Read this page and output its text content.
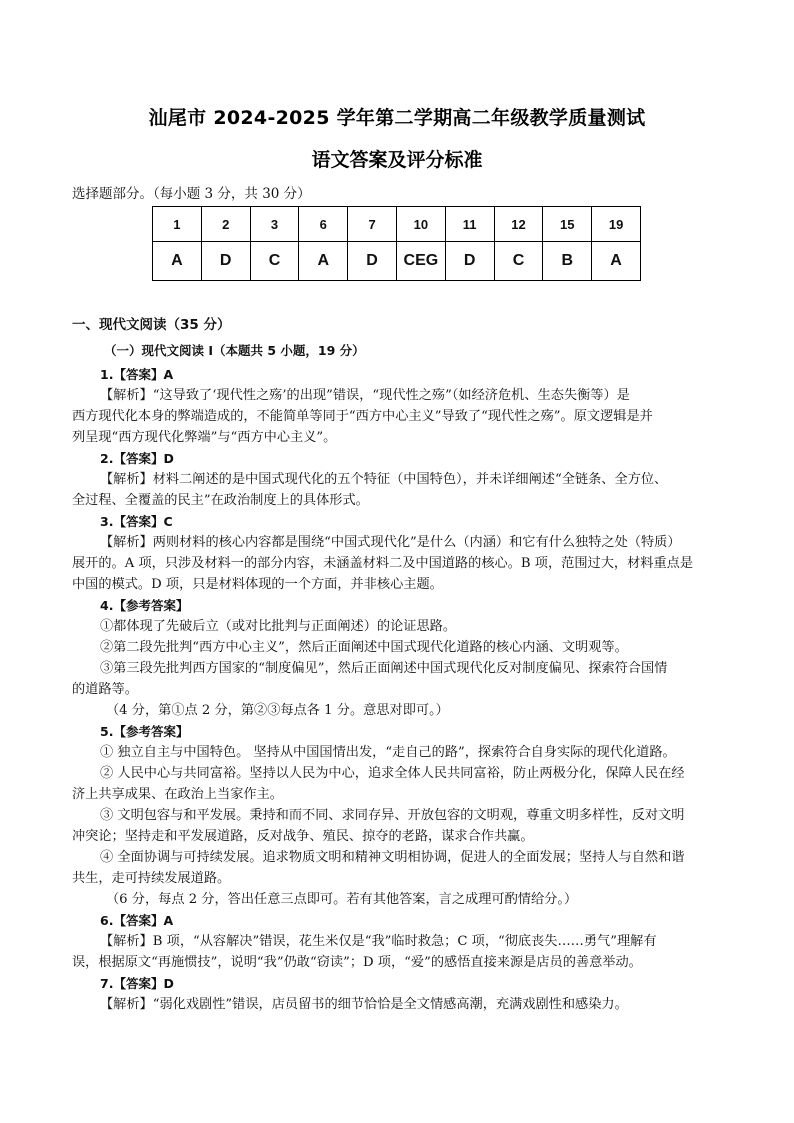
汕尾市 2024-2025 学年第二学期高二年级教学质量测试
语文答案及评分标准
选择题部分。（每小题 3 分，共 30 分）
1	2	3	6	7	10	11	12	15	19
A	D	C	A	D	CEG	D	C	B	A
一、现代文阅读（35 分）
（一）现代文阅读 I（本题共 5 小题，19 分）
1.【答案】A
【解析】“这导致了‘现代性之殇’的出现”错误，“现代性之殇”（如经济危机、生态失衡等）是
西方现代化本身的弊端造成的，不能简单等同于“西方中心主义”导致了“现代性之殇”。原文逻辑是并
列呈现“西方现代化弊端”与“西方中心主义”。
2.【答案】D
【解析】材料二阐述的是中国式现代化的五个特征（中国特色），并未详细阐述“全链条、全方位、
全过程、全覆盖的民主”在政治制度上的具体形式。
3.【答案】C
【解析】两则材料的核心内容都是围绕“中国式现代化”是什么（内涵）和它有什么独特之处（特质）
展开的。A 项，只涉及材料一的部分内容，未涵盖材料二及中国道路的核心。B 项，范围过大，材料重点是
中国的模式。D 项，只是材料体现的一个方面，并非核心主题。
4.【参考答案】
①都体现了先破后立（或对比批判与正面阐述）的论证思路。
②第二段先批判“西方中心主义”，然后正面阐述中国式现代化道路的核心内涵、文明观等。
③第三段先批判西方国家的“制度偏见”，然后正面阐述中国式现代化反对制度偏见、探索符合国情
的道路等。
（4 分，第①点 2 分，第②③每点各 1 分。意思对即可。）
5.【参考答案】
① 独立自主与中国特色。 坚持从中国国情出发，“走自己的路”，探索符合自身实际的现代化道路。
② 人民中心与共同富裕。坚持以人民为中心，追求全体人民共同富裕，防止两极分化，保障人民在经
济上共享成果、在政治上当家作主。
③ 文明包容与和平发展。秉持和而不同、求同存异、开放包容的文明观，尊重文明多样性，反对文明
冲突论；坚持走和平发展道路，反对战争、殖民、掠夺的老路，谋求合作共赢。
④ 全面协调与可持续发展。追求物质文明和精神文明相协调，促进人的全面发展；坚持人与自然和谐
共生，走可持续发展道路。
（6 分，每点 2 分，答出任意三点即可。若有其他答案，言之成理可酌情给分。）
6.【答案】A
【解析】B 项，“从容解决”错误，花生米仅是“我”临时救急；C 项，“彻底丧失……勇气”理解有
误，根据原文“再施惯技”，说明“我”仍敢“窃读”；D 项，“爱”的感悟直接来源是店员的善意举动。
7.【答案】D
【解析】“弱化戏剧性”错误，店员留书的细节恰恰是全文情感高潮，充满戏剧性和感染力。
